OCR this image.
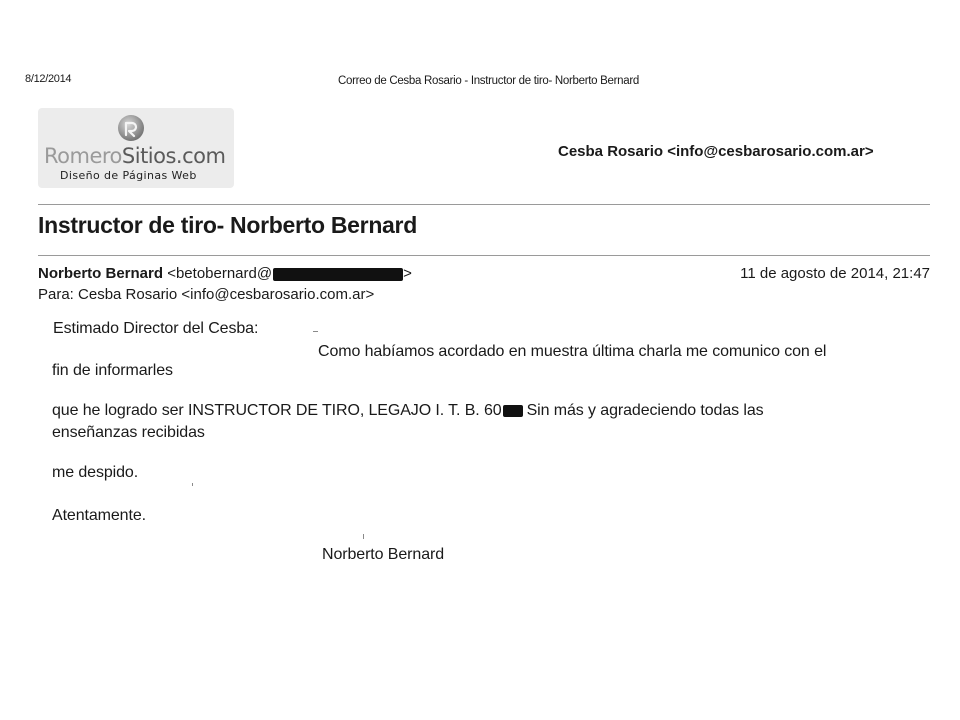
8/12/2014	Correo de Cesba Rosario - Instructor de tiro- Norberto Bernard
RomeroSitios.com
Diseño de Páginas Web
Cesba Rosario <info@cesbarosario.com.ar>
Instructor de tiro- Norberto Bernard
Norberto Bernard <betobernard@	>	11 de agosto de 2014, 21:47
Para: Cesba Rosario <info@cesbarosario.com.ar>
Estimado Director del Cesba:
Como habíamos acordado en muestra última charla me comunico con el
fin de informarles
que he logrado ser INSTRUCTOR DE TIRO, LEGAJO I. T. B. 60 Sin más y agradeciendo todas las
enseñanzas recibidas
me despido.
Atentamente.
Norberto Bernard
